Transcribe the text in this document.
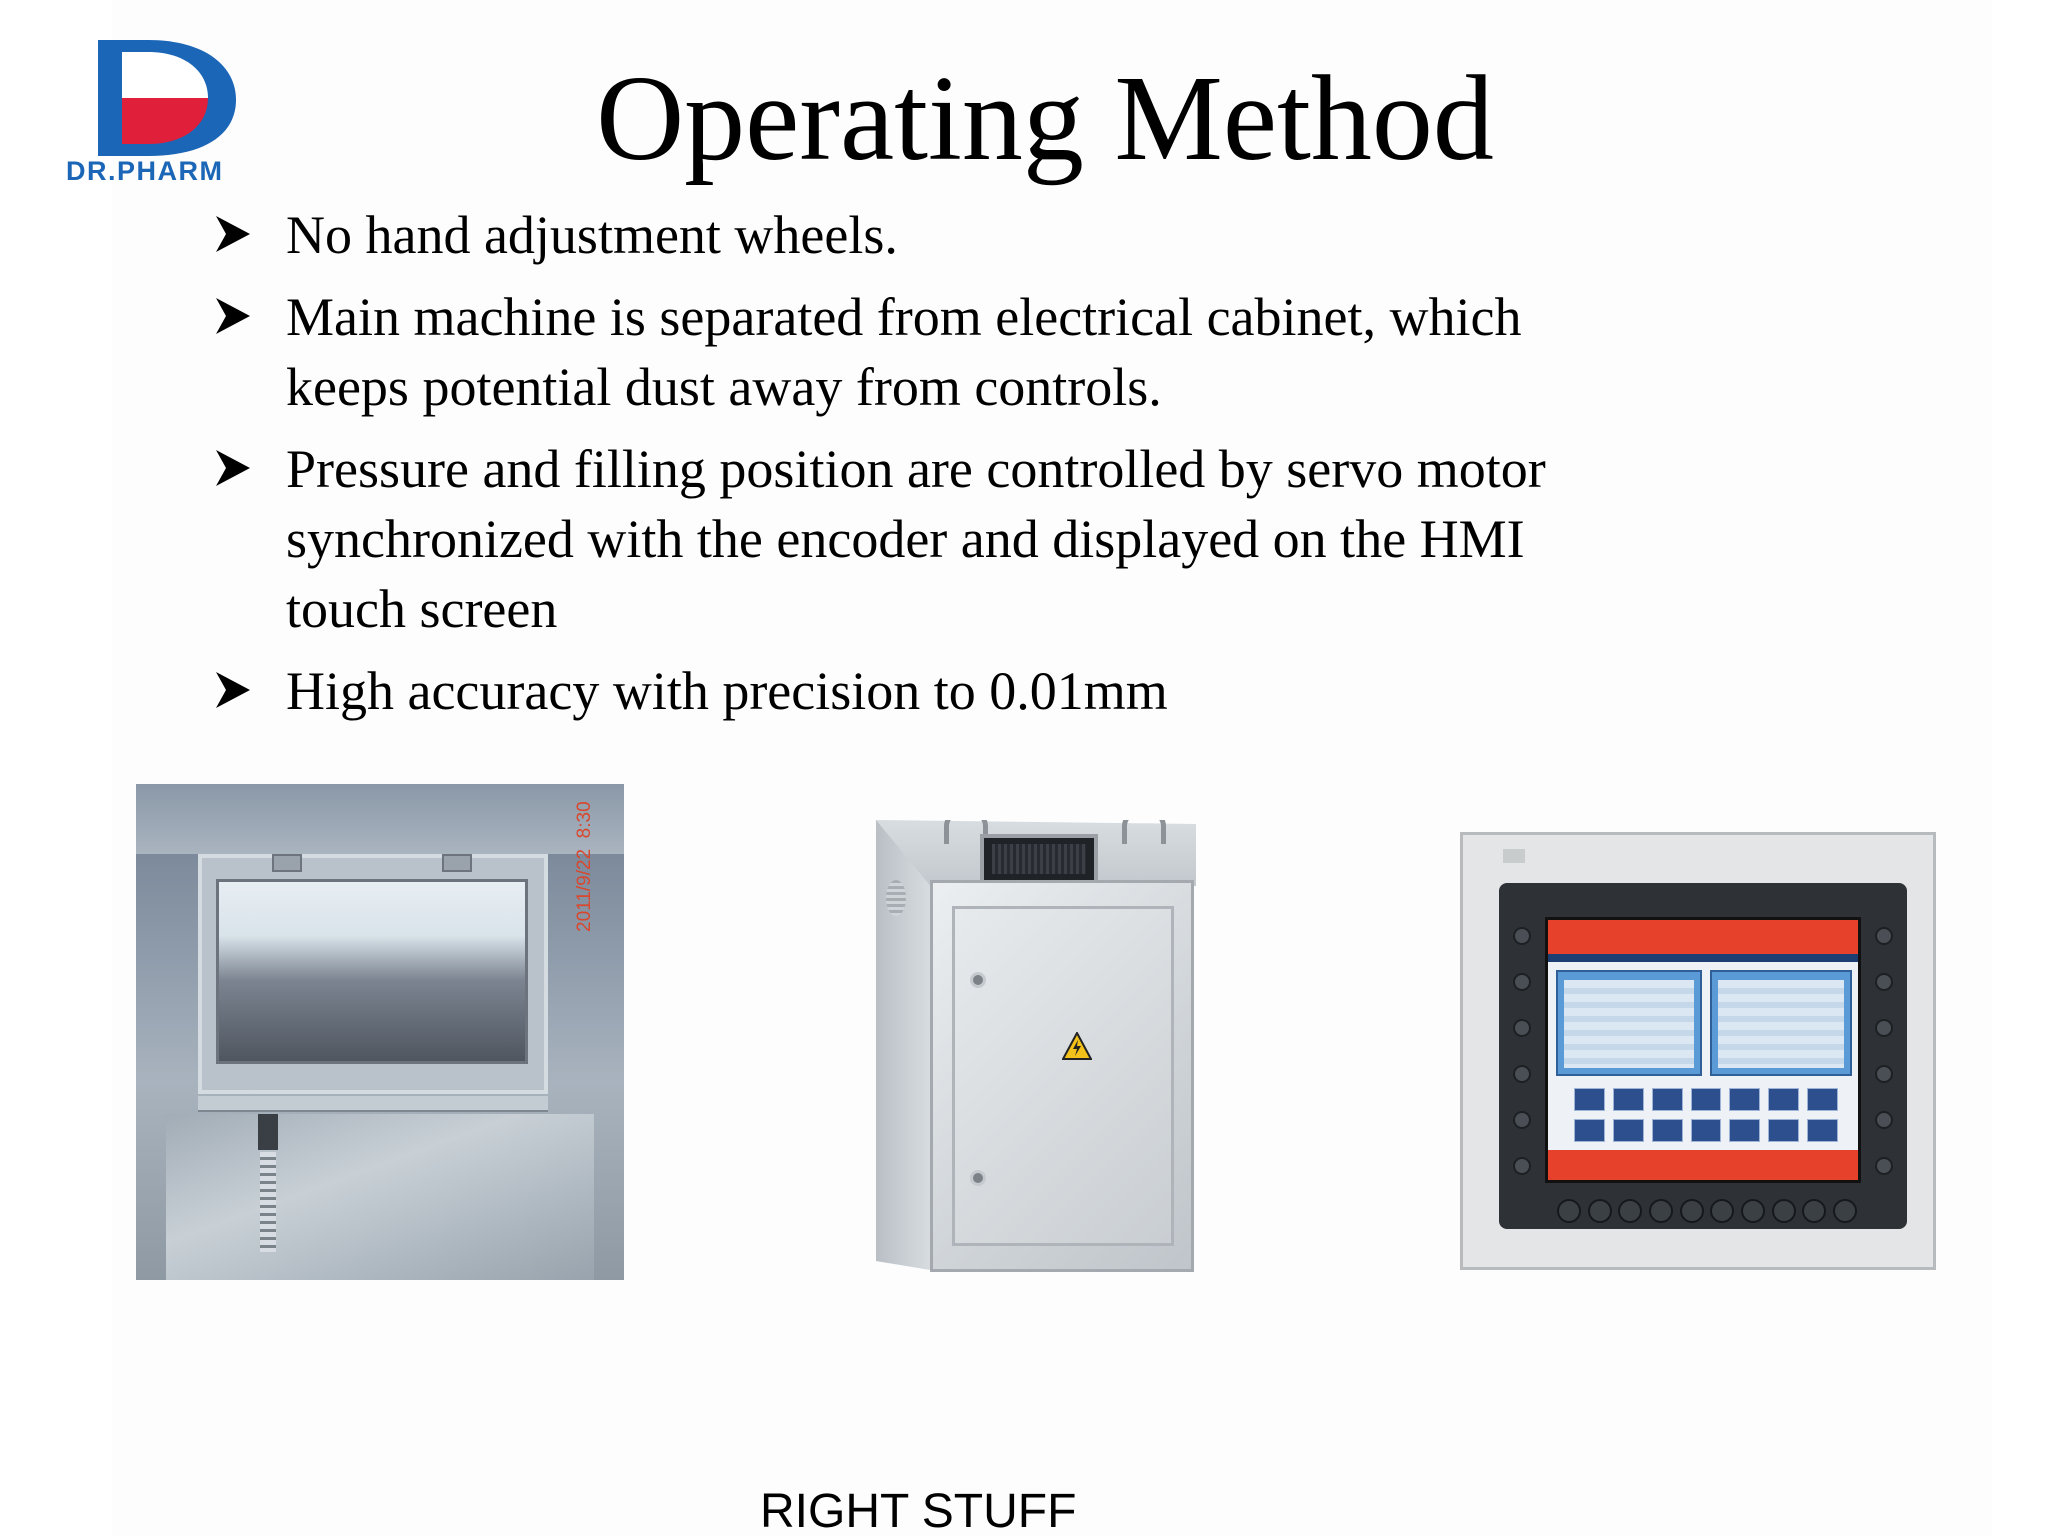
DR.PHARM	Operating Method
No hand adjustment wheels.
Main machine is separated from electrical cabinet, which keeps potential dust away from controls.
Pressure and filling position are controlled by servo motor synchronized with the encoder and displayed on the HMI touch screen
High accuracy with precision to 0.01mm
2011/9/22  8:30
RIGHT STUFF
